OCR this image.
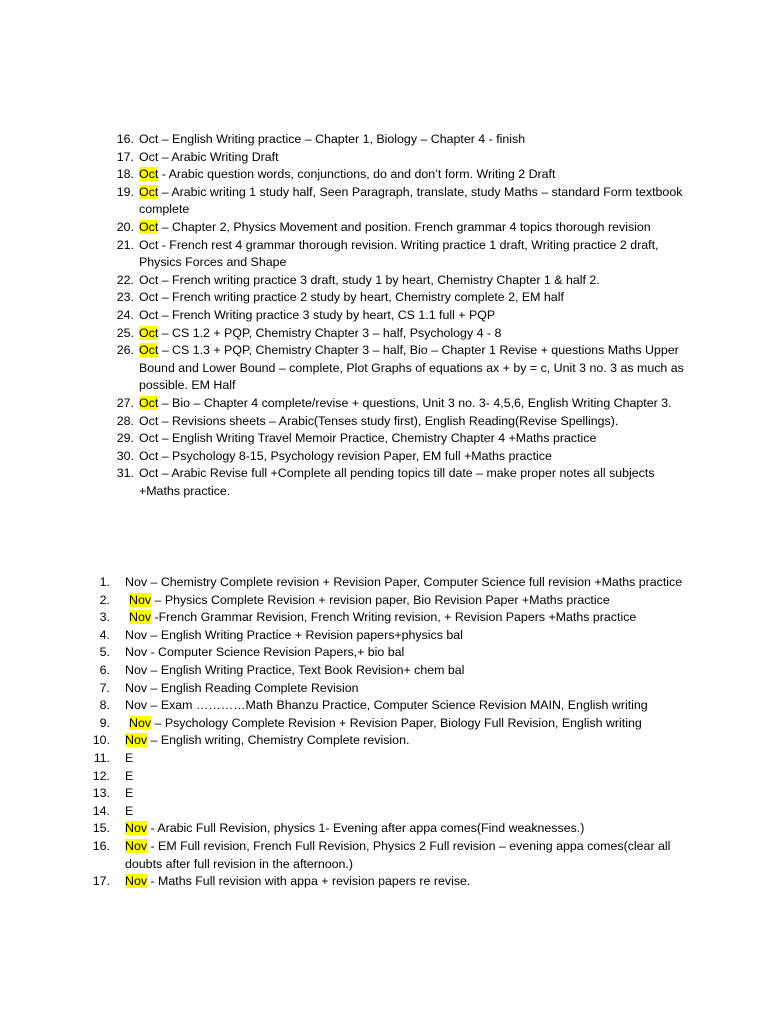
16. Oct – English Writing practice – Chapter 1, Biology – Chapter 4 - finish
17. Oct – Arabic Writing Draft
18. Oct - Arabic question words, conjunctions, do and don’t form. Writing 2 Draft
19. Oct – Arabic writing 1 study half, Seen Paragraph, translate, study Maths – standard Form textbook complete
20. Oct – Chapter 2, Physics Movement and position. French grammar 4 topics thorough revision
21. Oct - French rest 4 grammar thorough revision. Writing practice 1 draft, Writing practice 2 draft, Physics Forces and Shape
22. Oct – French writing practice 3 draft, study 1 by heart, Chemistry Chapter 1 & half 2.
23. Oct – French writing practice 2 study by heart, Chemistry complete 2, EM half
24. Oct – French Writing practice 3 study by heart, CS 1.1 full + PQP
25. Oct – CS 1.2 + PQP, Chemistry Chapter 3 – half, Psychology 4 - 8
26. Oct – CS 1.3 + PQP, Chemistry Chapter 3 – half, Bio – Chapter 1 Revise + questions Maths Upper Bound and Lower Bound – complete, Plot Graphs of equations ax + by = c, Unit 3 no. 3 as much as possible. EM Half
27. Oct – Bio – Chapter 4 complete/revise + questions, Unit 3 no. 3- 4,5,6, English Writing Chapter 3.
28. Oct – Revisions sheets – Arabic(Tenses study first), English Reading(Revise Spellings).
29. Oct – English Writing Travel Memoir Practice, Chemistry Chapter 4 +Maths practice
30. Oct – Psychology 8-15, Psychology revision Paper, EM full +Maths practice
31. Oct – Arabic Revise full +Complete all pending topics till date – make proper notes all subjects +Maths practice.
1. Nov – Chemistry Complete revision + Revision Paper, Computer Science full revision +Maths practice
2. Nov – Physics Complete Revision + revision paper, Bio Revision Paper +Maths practice
3. Nov -French Grammar Revision, French Writing revision, + Revision Papers +Maths practice
4. Nov – English Writing Practice + Revision papers+physics bal
5. Nov - Computer Science Revision Papers,+ bio bal
6. Nov – English Writing Practice, Text Book Revision+ chem bal
7. Nov – English Reading Complete Revision
8. Nov – Exam …………Math Bhanzu Practice, Computer Science Revision MAIN, English writing
9. Nov – Psychology Complete Revision + Revision Paper, Biology Full Revision, English writing
10. Nov – English writing, Chemistry Complete revision.
11. E
12. E
13. E
14. E
15. Nov - Arabic Full Revision, physics 1- Evening after appa comes(Find weaknesses.)
16. Nov - EM Full revision, French Full Revision, Physics 2 Full revision – evening appa comes(clear all doubts after full revision in the afternoon.)
17. Nov - Maths Full revision with appa + revision papers re revise.
